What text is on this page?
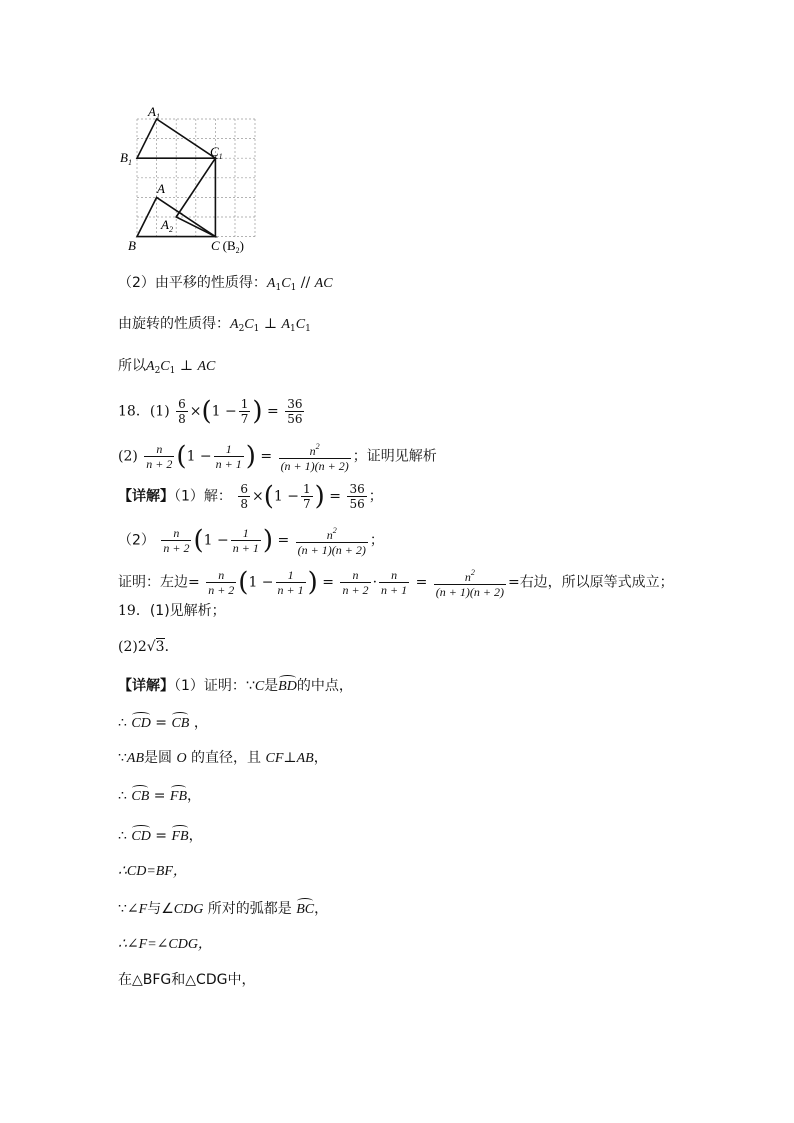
$A_1$
$B_1$
$C_1$
A
$A_2$
B	C $(B_2)$
（2）由平移的性质得：$A_1C_1$ // AC
由旋转的性质得：$A_2C_1$ ⊥ $A_1C_1$
所以$A_2C_1$ ⊥ AC
18．$(1) \frac{6}{8} \times(1 - \frac{1}{7}$ ) = $\frac{36}{56}$
$(2) \frac{n}{n + 2} (1 - \frac{1}{n + 1}$ ) = $\frac{n^2}{(n + 1)(n + 2)}$ ；证明见解析
【详解】（1）解： $\frac{6}{8} \times(1 - \frac{1}{7}$ ) = $\frac{36}{56}$ ；
$(2) \frac{n}{n + 2} (1 - \frac{1}{n + 1}$ ) = $\frac{n^2}{(n + 1)(n + 2)}$ ；
证明：左边= $\frac{n}{n + 2} (1 - \frac{1}{n + 1}$ ) = $\frac{n}{n + 2} \cdot \frac{n}{n + 1} = \frac{n^2}{(n + 1)(n + 2)}$ =右边，所以原等式成立；
19．(1)见解析；
(2)2√3．
【详解】（1）证明：∵C是BD的中点，
∴ CD = CB ，
∵AB是圆 O 的直径，且 CF⊥AB，
∴ CB = FB，
∴ CD = FB，
∴CD=BF，
∵∠F与∠CDG 所对的弧都是 BC，
∴∠F=∠CDG，
在△BFG和△CDG中，
